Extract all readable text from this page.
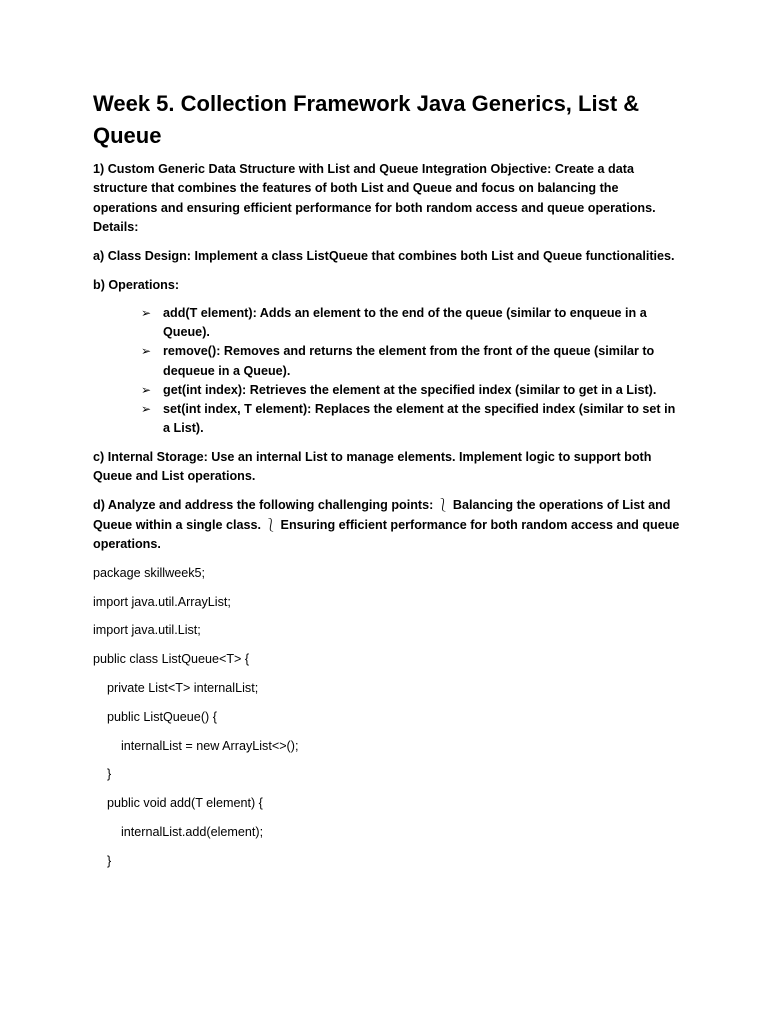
Week 5. Collection Framework Java Generics, List & Queue

1) Custom Generic Data Structure with List and Queue Integration Objective: Create a data structure that combines the features of both List and Queue and focus on balancing the operations and ensuring efficient performance for both random access and queue operations. Details:

a) Class Design: Implement a class ListQueue that combines both List and Queue functionalities.

b) Operations:

➢ add(T element): Adds an element to the end of the queue (similar to enqueue in a Queue).
➢ remove(): Removes and returns the element from the front of the queue (similar to dequeue in a Queue).
➢ get(int index): Retrieves the element at the specified index (similar to get in a List).
➢ set(int index, T element): Replaces the element at the specified index (similar to set in a List).

c) Internal Storage: Use an internal List to manage elements. Implement logic to support both Queue and List operations.

d) Analyze and address the following challenging points: ⎱ Balancing the operations of List and Queue within a single class. ⎱ Ensuring efficient performance for both random access and queue operations.

package skillweek5;

import java.util.ArrayList;

import java.util.List;

public class ListQueue<T> {

private List<T> internalList;

public ListQueue() {

internalList = new ArrayList<>();

}

public void add(T element) {

internalList.add(element);

}
